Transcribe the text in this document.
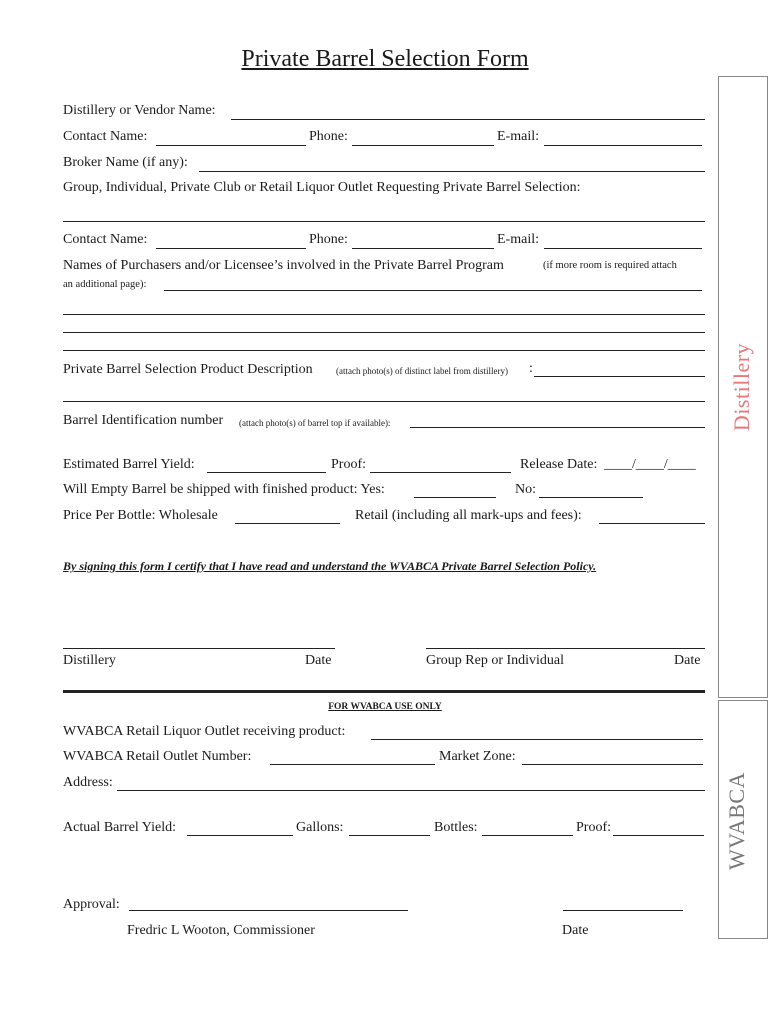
Private Barrel Selection Form
Distillery or Vendor Name:
Contact Name:	Phone:	E-mail:
Broker Name (if any):
Group, Individual, Private Club or Retail Liquor Outlet Requesting Private Barrel Selection:
Contact Name:	Phone:	E-mail:
Names of Purchasers and/or Licensee’s involved in the Private Barrel Program	(if more room is required attach
an additional page):
Private Barrel Selection Product Description	(attach photo(s) of distinct label from distillery) :
Barrel Identification number (attach photo(s) of barrel top if available):
Estimated Barrel Yield:	Proof:	Release Date: ____/____/____
Will Empty Barrel be shipped with finished product: Yes:	No:
Price Per Bottle: Wholesale	Retail (including all mark-ups and fees):
By signing this form I certify that I have read and understand the WVABCA Private Barrel Selection Policy.
Distillery	Date	Group Rep or Individual	Date
FOR WVABCA USE ONLY
WVABCA Retail Liquor Outlet receiving product:
WVABCA Retail Outlet Number:	Market Zone:
Address:
Actual Barrel Yield:	Gallons:	Bottles:	Proof:
Approval:
Fredric L Wooton, Commissioner	Date
Distillery
WVABCA
